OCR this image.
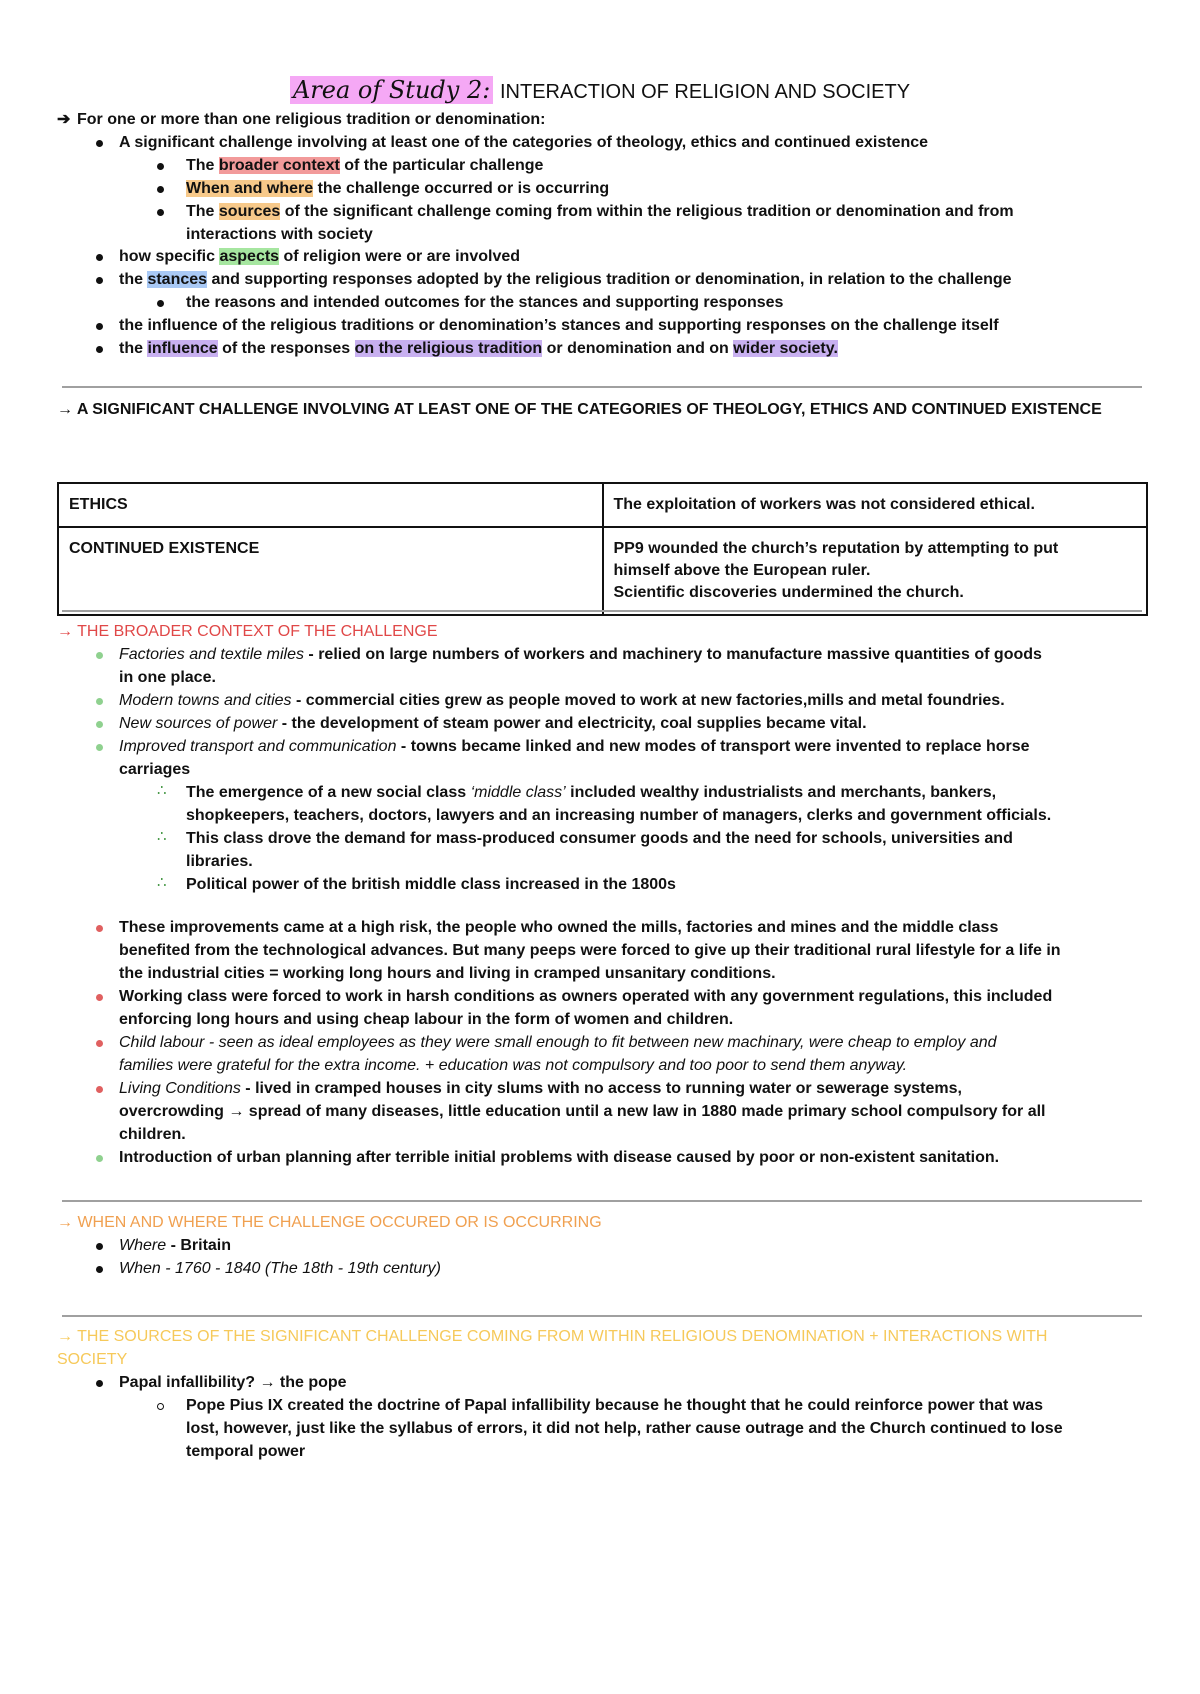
Area of Study 2: INTERACTION OF RELIGION AND SOCIETY
➔ For one or more than one religious tradition or denomination:
A significant challenge involving at least one of the categories of theology, ethics and continued existence
The broader context of the particular challenge
When and where the challenge occurred or is occurring
The sources of the significant challenge coming from within the religious tradition or denomination and from
interactions with society
how specific aspects of religion were or are involved
the stances and supporting responses adopted by the religious tradition or denomination, in relation to the challenge
the reasons and intended outcomes for the stances and supporting responses
the influence of the religious traditions or denomination’s stances and supporting responses on the challenge itself
the influence of the responses on the religious tradition or denomination and on wider society.
→ A SIGNIFICANT CHALLENGE INVOLVING AT LEAST ONE OF THE CATEGORIES OF THEOLOGY, ETHICS AND CONTINUED EXISTENCE
ETHICS	The exploitation of workers was not considered ethical.
CONTINUED EXISTENCE	PP9 wounded the church’s reputation by attempting to put
himself above the European ruler.
Scientific discoveries undermined the church.
→ THE BROADER CONTEXT OF THE CHALLENGE
Factories and textile miles - relied on large numbers of workers and machinery to manufacture massive quantities of goods
in one place.
Modern towns and cities - commercial cities grew as people moved to work at new factories,mills and metal foundries.
New sources of power - the development of steam power and electricity, coal supplies became vital.
Improved transport and communication - towns became linked and new modes of transport were invented to replace horse
carriages
∴ The emergence of a new social class ‘middle class’ included wealthy industrialists and merchants, bankers,
shopkeepers, teachers, doctors, lawyers and an increasing number of managers, clerks and government officials.
∴ This class drove the demand for mass-produced consumer goods and the need for schools, universities and
libraries.
∴ Political power of the british middle class increased in the 1800s
These improvements came at a high risk, the people who owned the mills, factories and mines and the middle class
benefited from the technological advances. But many peeps were forced to give up their traditional rural lifestyle for a life in
the industrial cities = working long hours and living in cramped unsanitary conditions.
Working class were forced to work in harsh conditions as owners operated with any government regulations, this included
enforcing long hours and using cheap labour in the form of women and children.
Child labour - seen as ideal employees as they were small enough to fit between new machinary, were cheap to employ and
families were grateful for the extra income. + education was not compulsory and too poor to send them anyway.
Living Conditions - lived in cramped houses in city slums with no access to running water or sewerage systems,
overcrowding → spread of many diseases, little education until a new law in 1880 made primary school compulsory for all
children.
Introduction of urban planning after terrible initial problems with disease caused by poor or non-existent sanitation.
→ WHEN AND WHERE THE CHALLENGE OCCURED OR IS OCCURRING
Where - Britain
When - 1760 - 1840 (The 18th - 19th century)
→ THE SOURCES OF THE SIGNIFICANT CHALLENGE COMING FROM WITHIN RELIGIOUS DENOMINATION + INTERACTIONS WITH
SOCIETY
Papal infallibility? → the pope
Pope Pius IX created the doctrine of Papal infallibility because he thought that he could reinforce power that was
lost, however, just like the syllabus of errors, it did not help, rather cause outrage and the Church continued to lose
temporal power
